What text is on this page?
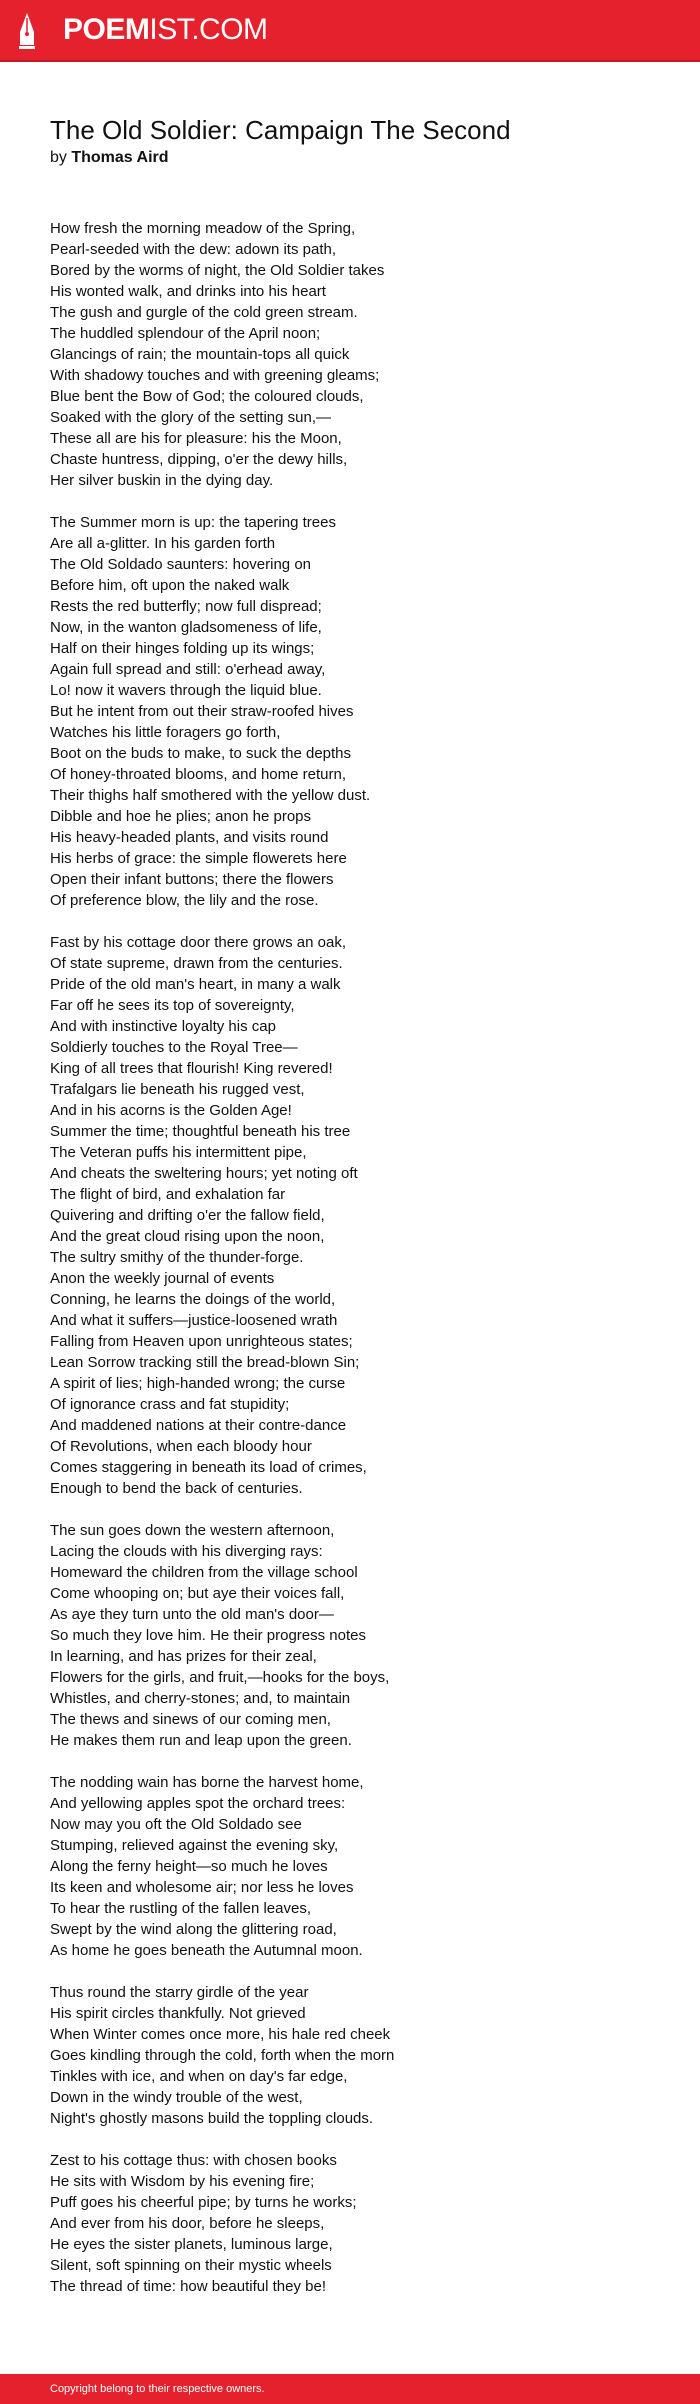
POEMIST.COM
The Old Soldier: Campaign The Second
by Thomas Aird
How fresh the morning meadow of the Spring,
Pearl-seeded with the dew: adown its path,
Bored by the worms of night, the Old Soldier takes
His wonted walk, and drinks into his heart
The gush and gurgle of the cold green stream.
The huddled splendour of the April noon;
Glancings of rain; the mountain-tops all quick
With shadowy touches and with greening gleams;
Blue bent the Bow of God; the coloured clouds,
Soaked with the glory of the setting sun,—
These all are his for pleasure: his the Moon,
Chaste huntress, dipping, o'er the dewy hills,
Her silver buskin in the dying day.
The Summer morn is up: the tapering trees
Are all a-glitter. In his garden forth
The Old Soldado saunters: hovering on
Before him, oft upon the naked walk
Rests the red butterfly; now full dispread;
Now, in the wanton gladsomeness of life,
Half on their hinges folding up its wings;
Again full spread and still: o'erhead away,
Lo! now it wavers through the liquid blue.
But he intent from out their straw-roofed hives
Watches his little foragers go forth,
Boot on the buds to make, to suck the depths
Of honey-throated blooms, and home return,
Their thighs half smothered with the yellow dust.
Dibble and hoe he plies; anon he props
His heavy-headed plants, and visits round
His herbs of grace: the simple flowerets here
Open their infant buttons; there the flowers
Of preference blow, the lily and the rose.
Fast by his cottage door there grows an oak,
Of state supreme, drawn from the centuries.
Pride of the old man's heart, in many a walk
Far off he sees its top of sovereignty,
And with instinctive loyalty his cap
Soldierly touches to the Royal Tree—
King of all trees that flourish! King revered!
Trafalgars lie beneath his rugged vest,
And in his acorns is the Golden Age!
Summer the time; thoughtful beneath his tree
The Veteran puffs his intermittent pipe,
And cheats the sweltering hours; yet noting oft
The flight of bird, and exhalation far
Quivering and drifting o'er the fallow field,
And the great cloud rising upon the noon,
The sultry smithy of the thunder-forge.
Anon the weekly journal of events
Conning, he learns the doings of the world,
And what it suffers—justice-loosened wrath
Falling from Heaven upon unrighteous states;
Lean Sorrow tracking still the bread-blown Sin;
A spirit of lies; high-handed wrong; the curse
Of ignorance crass and fat stupidity;
And maddened nations at their contre-dance
Of Revolutions, when each bloody hour
Comes staggering in beneath its load of crimes,
Enough to bend the back of centuries.
The sun goes down the western afternoon,
Lacing the clouds with his diverging rays:
Homeward the children from the village school
Come whooping on; but aye their voices fall,
As aye they turn unto the old man's door—
So much they love him. He their progress notes
In learning, and has prizes for their zeal,
Flowers for the girls, and fruit,—hooks for the boys,
Whistles, and cherry-stones; and, to maintain
The thews and sinews of our coming men,
He makes them run and leap upon the green.
The nodding wain has borne the harvest home,
And yellowing apples spot the orchard trees:
Now may you oft the Old Soldado see
Stumping, relieved against the evening sky,
Along the ferny height—so much he loves
Its keen and wholesome air; nor less he loves
To hear the rustling of the fallen leaves,
Swept by the wind along the glittering road,
As home he goes beneath the Autumnal moon.
Thus round the starry girdle of the year
His spirit circles thankfully. Not grieved
When Winter comes once more, his hale red cheek
Goes kindling through the cold, forth when the morn
Tinkles with ice, and when on day's far edge,
Down in the windy trouble of the west,
Night's ghostly masons build the toppling clouds.
Zest to his cottage thus: with chosen books
He sits with Wisdom by his evening fire;
Puff goes his cheerful pipe; by turns he works;
And ever from his door, before he sleeps,
He eyes the sister planets, luminous large,
Silent, soft spinning on their mystic wheels
The thread of time: how beautiful they be!
Copyright belong to their respective owners.
